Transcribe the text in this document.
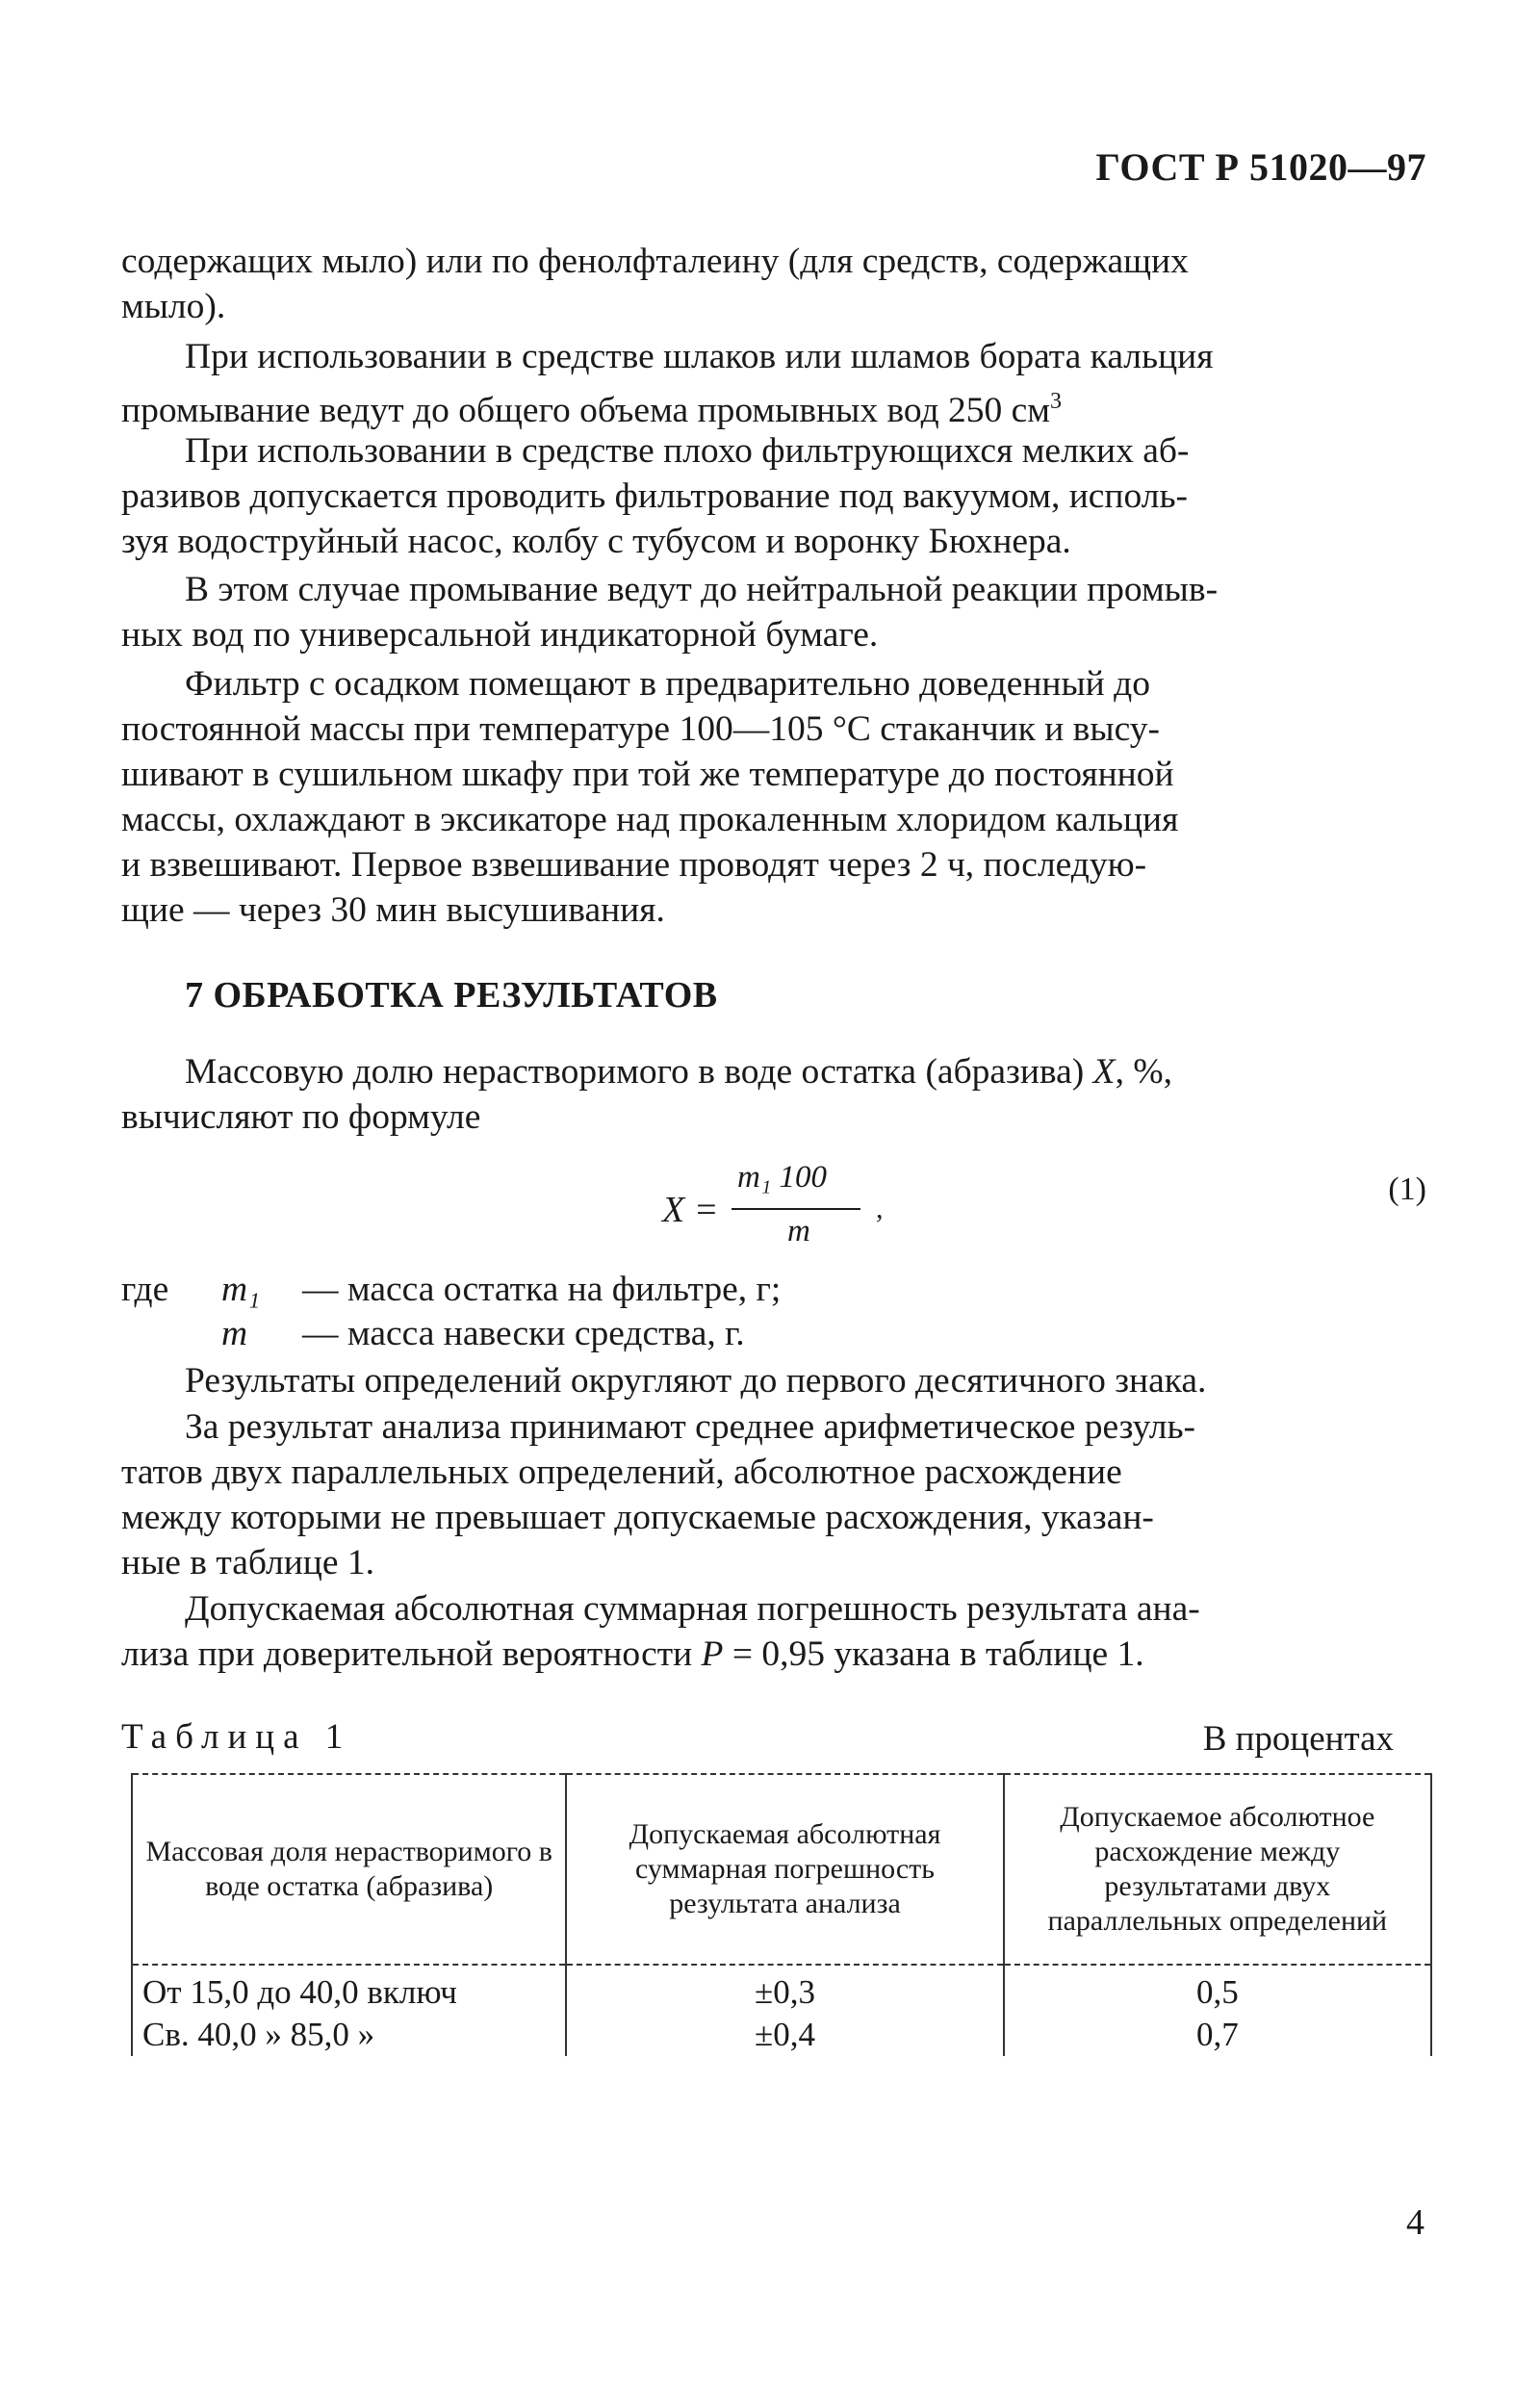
ГОСТ Р 51020—97

содержащих мыло) или по фенолфталеину (для средств, содержащих
мыло).

При использовании в средстве шлаков или шламов бората кальция
промывание ведут до общего объема промывных вод 250 $см^3$

При использовании в средстве плохо фильтрующихся мелких аб-
разивов допускается проводить фильтрование под вакуумом, исполь-
зуя водоструйный насос, колбу с тубусом и воронку Бюхнера.

В этом случае промывание ведут до нейтральной реакции промыв-
ных вод по универсальной индикаторной бумаге.

Фильтр с осадком помещают в предварительно доведенный до
постоянной массы при температуре 100—105 °С стаканчик и высу-
шивают в сушильном шкафу при той же температуре до постоянной
массы, охлаждают в эксикаторе над прокаленным хлоридом кальция
и взвешивают. Первое взвешивание проводят через 2 ч, последую-
щие — через 30 мин высушивания.

7 ОБРАБОТКА РЕЗУЛЬТАТОВ

Массовую долю нерастворимого в воде остатка (абразива) X, %,
вычисляют по формуле

X =
m₁ 100
m
,
(1)
где m₁ — масса остатка на фильтре, г;
m — масса навески средства, г.

Результаты определений округляют до первого десятичного знака.

За результат анализа принимают среднее арифметическое резуль-
татов двух параллельных определений, абсолютное расхождение
между которыми не превышает допускаемые расхождения, указан-
ные в таблице 1.

Допускаемая абсолютная суммарная погрешность результата ана-
лиза при доверительной вероятности P = 0,95 указана в таблице 1.

Таблица 1	В процентах
Массовая доля нерастворимого в воде остатка (абразива)	Допускаемая абсолютная суммарная погрешность результата анализа	Допускаемое абсолютное расхождение между результатами двух параллельных определений
От 15,0 до 40,0 включ	±0,3	0,5
Св. 40,0 » 85,0 »	±0,4	0,7
4
